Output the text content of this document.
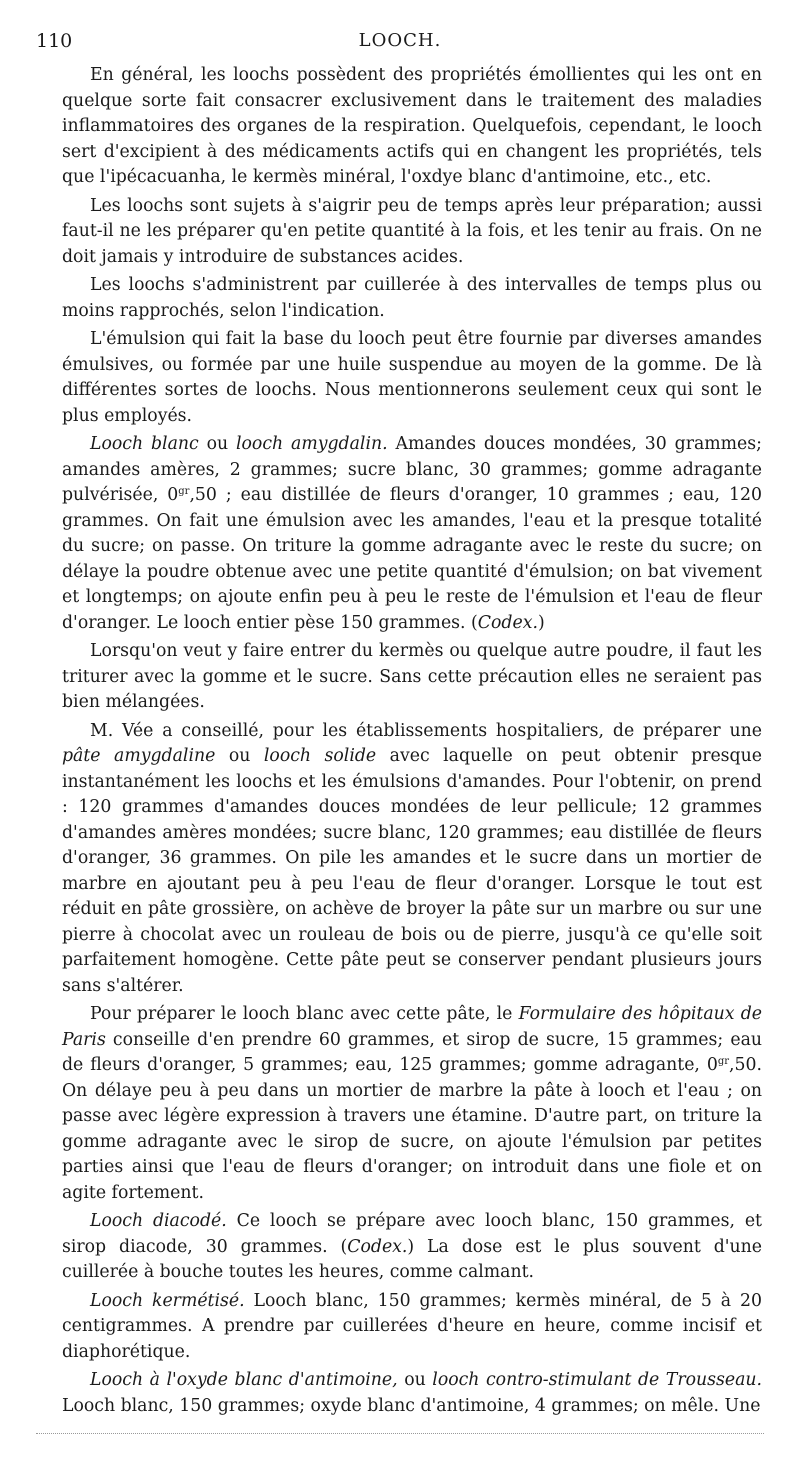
110	LOOCH.

En général, les loochs possèdent des propriétés émollientes qui les ont en quelque sorte fait consacrer exclusivement dans le traitement des maladies inflammatoires des organes de la respiration. Quelquefois, cependant, le looch sert d'excipient à des médicaments actifs qui en changent les propriétés, tels que l'ipécacuanha, le kermès minéral, l'oxdye blanc d'antimoine, etc., etc.

Les loochs sont sujets à s'aigrir peu de temps après leur préparation; aussi faut-il ne les préparer qu'en petite quantité à la fois, et les tenir au frais. On ne doit jamais y introduire de substances acides.

Les loochs s'administrent par cuillerée à des intervalles de temps plus ou moins rapprochés, selon l'indication.

L'émulsion qui fait la base du looch peut être fournie par diverses amandes émulsives, ou formée par une huile suspendue au moyen de la gomme. De là différentes sortes de loochs. Nous mentionnerons seulement ceux qui sont le plus employés.

Looch blanc ou looch amygdalin. Amandes douces mondées, 30 grammes; amandes amères, 2 grammes; sucre blanc, 30 grammes; gomme adragante pulvérisée, $0^{gr},50$ ; eau distillée de fleurs d'oranger, 10 grammes ; eau, 120 grammes. On fait une émulsion avec les amandes, l'eau et la presque totalité du sucre; on passe. On triture la gomme adragante avec le reste du sucre; on délaye la poudre obtenue avec une petite quantité d'émulsion; on bat vivement et longtemps; on ajoute enfin peu à peu le reste de l'émulsion et l'eau de fleur d'oranger. Le looch entier pèse 150 grammes. (Codex.)

Lorsqu'on veut y faire entrer du kermès ou quelque autre poudre, il faut les triturer avec la gomme et le sucre. Sans cette précaution elles ne seraient pas bien mélangées.

M. Vée a conseillé, pour les établissements hospitaliers, de préparer une pâte amygdaline ou looch solide avec laquelle on peut obtenir presque instantanément les loochs et les émulsions d'amandes. Pour l'obtenir, on prend : 120 grammes d'amandes douces mondées de leur pellicule; 12 grammes d'amandes amères mondées; sucre blanc, 120 grammes; eau distillée de fleurs d'oranger, 36 grammes. On pile les amandes et le sucre dans un mortier de marbre en ajoutant peu à peu l'eau de fleur d'oranger. Lorsque le tout est réduit en pâte grossière, on achève de broyer la pâte sur un marbre ou sur une pierre à chocolat avec un rouleau de bois ou de pierre, jusqu'à ce qu'elle soit parfaitement homogène. Cette pâte peut se conserver pendant plusieurs jours sans s'altérer.

Pour préparer le looch blanc avec cette pâte, le Formulaire des hôpitaux de Paris conseille d'en prendre 60 grammes, et sirop de sucre, 15 grammes; eau de fleurs d'oranger, 5 grammes; eau, 125 grammes; gomme adragante, $0^{gr},50$. On délaye peu à peu dans un mortier de marbre la pâte à looch et l'eau ; on passe avec légère expression à travers une étamine. D'autre part, on triture la gomme adragante avec le sirop de sucre, on ajoute l'émulsion par petites parties ainsi que l'eau de fleurs d'oranger; on introduit dans une fiole et on agite fortement.

Looch diacodé. Ce looch se prépare avec looch blanc, 150 grammes, et sirop diacode, 30 grammes. (Codex.) La dose est le plus souvent d'une cuillerée à bouche toutes les heures, comme calmant.

Looch kermétisé. Looch blanc, 150 grammes; kermès minéral, de 5 à 20 centigrammes. A prendre par cuillerées d'heure en heure, comme incisif et diaphorétique.

Looch à l'oxyde blanc d'antimoine, ou looch contro-stimulant de Trousseau. Looch blanc, 150 grammes; oxyde blanc d'antimoine, 4 grammes; on mêle. Une
